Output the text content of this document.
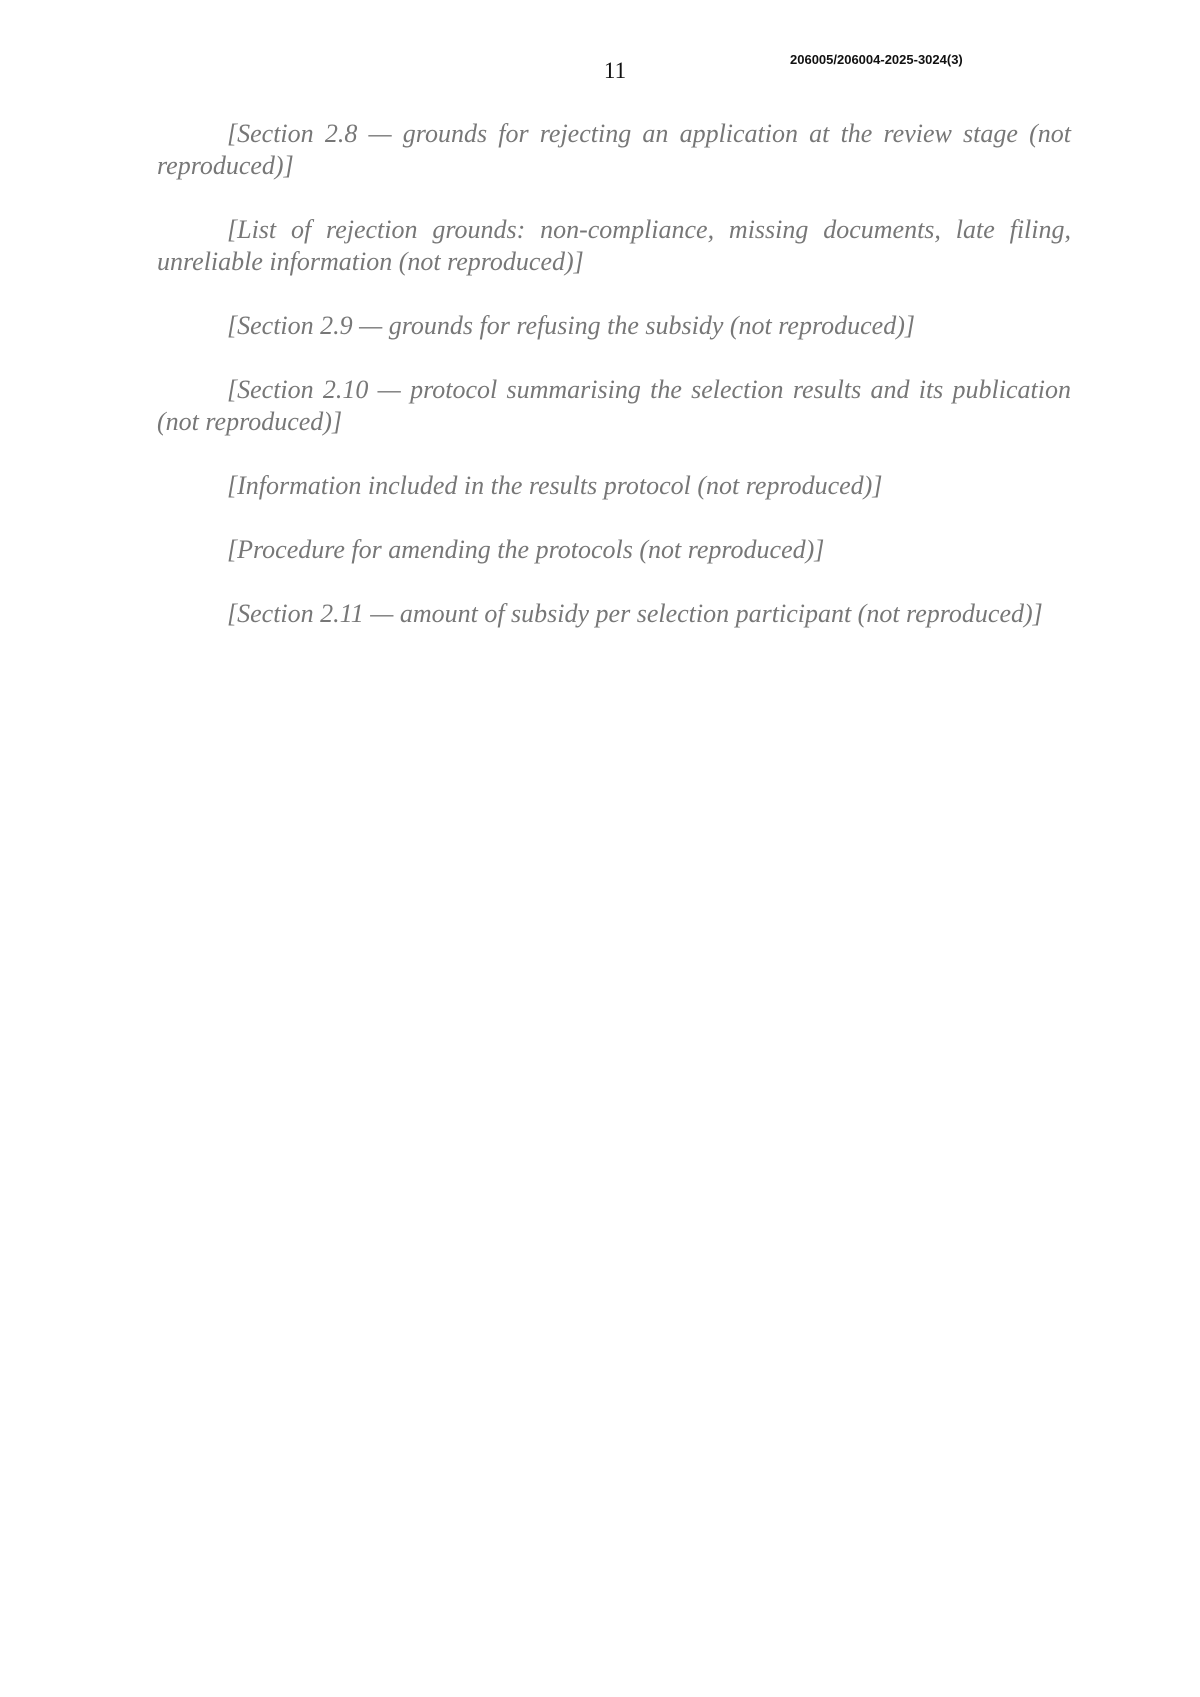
206005/206004-2025-3024(3)
11

[Section 2.8 — grounds for rejecting an application at the review stage (not reproduced)]

[List of rejection grounds: non-compliance, missing documents, late filing, unreliable information (not reproduced)]

[Section 2.9 — grounds for refusing the subsidy (not reproduced)]

[Section 2.10 — protocol summarising the selection results and its publication (not reproduced)]

[Information included in the results protocol (not reproduced)]

[Procedure for amending the protocols (not reproduced)]

[Section 2.11 — amount of subsidy per selection participant (not reproduced)]
